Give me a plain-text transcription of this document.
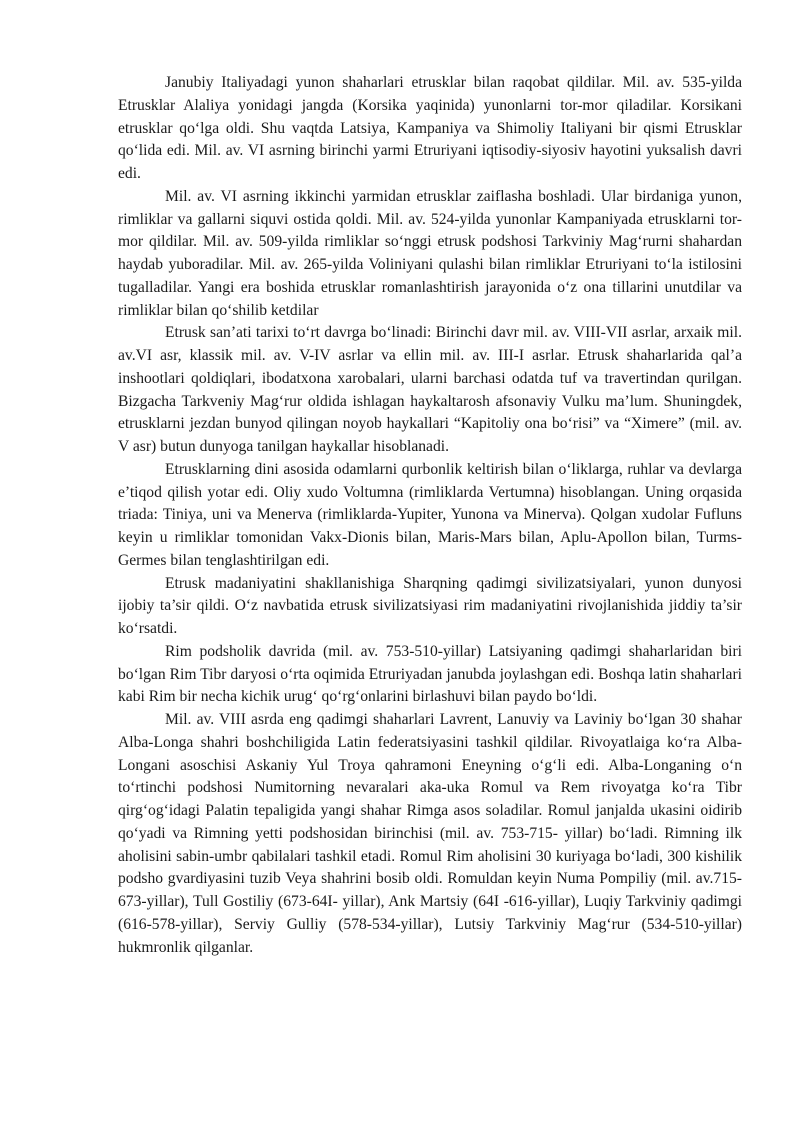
Janubiy Italiyadagi yunon shaharlari etrusklar bilan raqobat qildilar. Mil. av. 535-yilda Etrusklar Alaliya yonidagi jangda (Korsika yaqinida) yunonlarni tor-mor qiladilar. Korsikani etrusklar qo‘lga oldi. Shu vaqtda Latsiya, Kampaniya va Shimoliy Italiyani bir qismi Etrusklar qo‘lida edi. Mil. av. VI asrning birinchi yarmi Etruriyani iqtisodiy-siyosiv hayotini yuksalish davri edi.

Mil. av. VI asrning ikkinchi yarmidan etrusklar zaiflasha boshladi. Ular birdaniga yunon, rimliklar va gallarni siquvi ostida qoldi. Mil. av. 524-yilda yunonlar Kampaniyada etrusklarni tor-mor qildilar. Mil. av. 509-yilda rimliklar so‘nggi etrusk podshosi Tarkviniy Mag‘rurni shahardan haydab yuboradilar. Mil. av. 265-yilda Voliniyani qulashi bilan rimliklar Etruriyani to‘la istilosini tugalladilar. Yangi era boshida etrusklar romanlashtirish jarayonida o‘z ona tillarini unutdilar va rimliklar bilan qo‘shilib ketdilar

Etrusk san’ati tarixi to‘rt davrga bo‘linadi: Birinchi davr mil. av. VIII-VII asrlar, arxaik mil. av.VI asr, klassik mil. av. V-IV asrlar va ellin mil. av. III-I asrlar. Etrusk shaharlarida qal’a inshootlari qoldiqlari, ibodatxona xarobalari, ularni barchasi odatda tuf va travertindan qurilgan. Bizgacha Tarkveniy Mag‘rur oldida ishlagan haykaltarosh afsonaviy Vulku ma’lum. Shuningdek, etrusklarni jezdan bunyod qilingan noyob haykallari “Kapitoliy ona bo‘risi” va “Ximere” (mil. av. V asr) butun dunyoga tanilgan haykallar hisoblanadi.

Etrusklarning dini asosida odamlarni qurbonlik keltirish bilan o‘liklarga, ruhlar va devlarga e’tiqod qilish yotar edi. Oliy xudo Voltumna (rimliklarda Vertumna) hisoblangan. Uning orqasida triada: Tiniya, uni va Menerva (rimliklarda-Yupiter, Yunona va Minerva). Qolgan xudolar Fufluns keyin u rimliklar tomonidan Vakx-Dionis bilan, Maris-Mars bilan, Aplu-Apollon bilan, Turms-Germes bilan tenglashtirilgan edi.

Etrusk madaniyatini shakllanishiga Sharqning qadimgi sivilizatsiyalari, yunon dunyosi ijobiy ta’sir qildi. O‘z navbatida etrusk sivilizatsiyasi rim madaniyatini rivojlanishida jiddiy ta’sir ko‘rsatdi.

Rim podsholik davrida (mil. av. 753-510-yillar) Latsiyaning qadimgi shaharlaridan biri bo‘lgan Rim Tibr daryosi o‘rta oqimida Etruriyadan janubda joylashgan edi. Boshqa latin shaharlari kabi Rim bir necha kichik urug‘ qo‘rg‘onlarini birlashuvi bilan paydo bo‘ldi.

Mil. av. VIII asrda eng qadimgi shaharlari Lavrent, Lanuviy va Laviniy bo‘lgan 30 shahar Alba-Longa shahri boshchiligida Latin federatsiyasini tashkil qildilar. Rivoyatlaiga ko‘ra Alba-Longani asoschisi Askaniy Yul Troya qahramoni Eneyning o‘g‘li edi. Alba-Longaning o‘n to‘rtinchi podshosi Numitorning nevaralari aka-uka Romul va Rem rivoyatga ko‘ra Tibr qirg‘og‘idagi Palatin tepaligida yangi shahar Rimga asos soladilar. Romul janjalda ukasini oidirib qo‘yadi va Rimning yetti podshosidan birinchisi (mil. av. 753-715- yillar) bo‘ladi. Rimning ilk aholisini sabin-umbr qabilalari tashkil etadi. Romul Rim aholisini 30 kuriyaga bo‘ladi, 300 kishilik podsho gvardiyasini tuzib Veya shahrini bosib oldi. Romuldan keyin Numa Pompiliy (mil. av.715-673-yillar), Tull Gostiliy (673-64I- yillar), Ank Martsiy (64I -616-yillar), Luqiy Tarkviniy qadimgi (616-578-yillar), Serviy Gulliy (578-534-yillar), Lutsiy Tarkviniy Mag‘rur (534-510-yillar) hukmronlik qilganlar.
